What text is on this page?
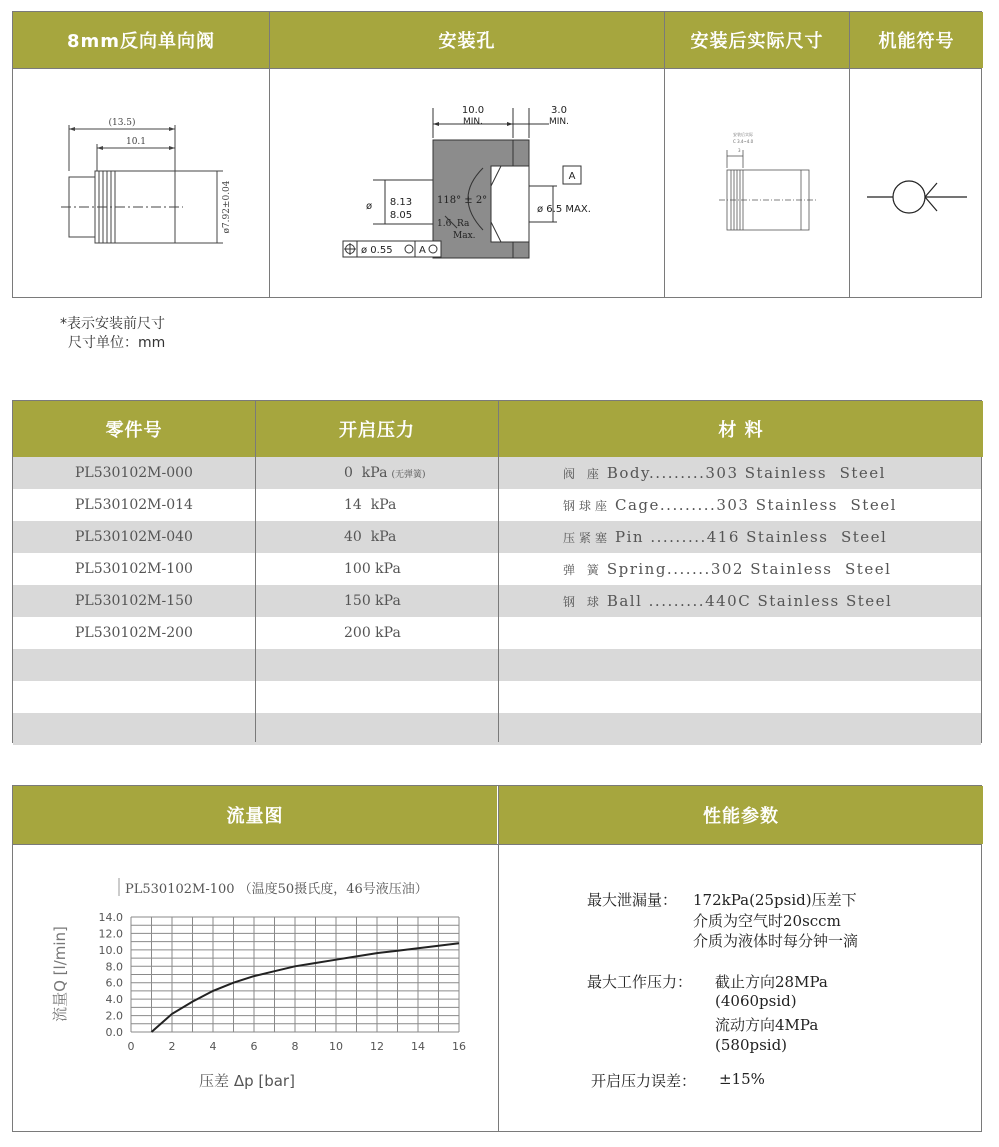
8mm反向单向阀	安装孔	安装后实际尺寸	机能符号
(13.5)
10.1
ø7.92±0.04
A
10.0
MIN.
3.0
MIN.
ø 8.13
8.05
118° ± 2°
1.6 Ra
Max.
ø 6.5 MAX.
ø 0.55	A
安装后实际
C 3.4~4.0
3
*表示安装前尺寸
尺寸单位：mm
零件号	开启压力	材 料
PL530102M-000	0  kPa (无弹簧)	阀 座 Body.........303 Stainless  Steel
PL530102M-014	14  kPa	钢球座 Cage.........303 Stainless  Steel
PL530102M-040	40  kPa	压紧塞 Pin .........416 Stainless  Steel
PL530102M-100	100 kPa	弹 簧 Spring.......302 Stainless  Steel
PL530102M-150	150 kPa	钢 球 Ball .........440C Stainless Steel
PL530102M-200	200 kPa
流量图	性能参数
PL530102M-100 （温度50摄氏度，46号液压油）
0.0
2.0
4.0
6.0
8.0
10.0
12.0
14.0
0	2	4	6	8	10 12 14 16
压差 Δp [bar]
流量Q [l/min]
最大泄漏量： 172kPa(25psid)压差下
介质为空气时20sccm
介质为液体时每分钟一滴
最大工作压力： 截止方向28MPa
(4060psid)
流动方向4MPa
(580psid)
开启压力误差： ±15%
